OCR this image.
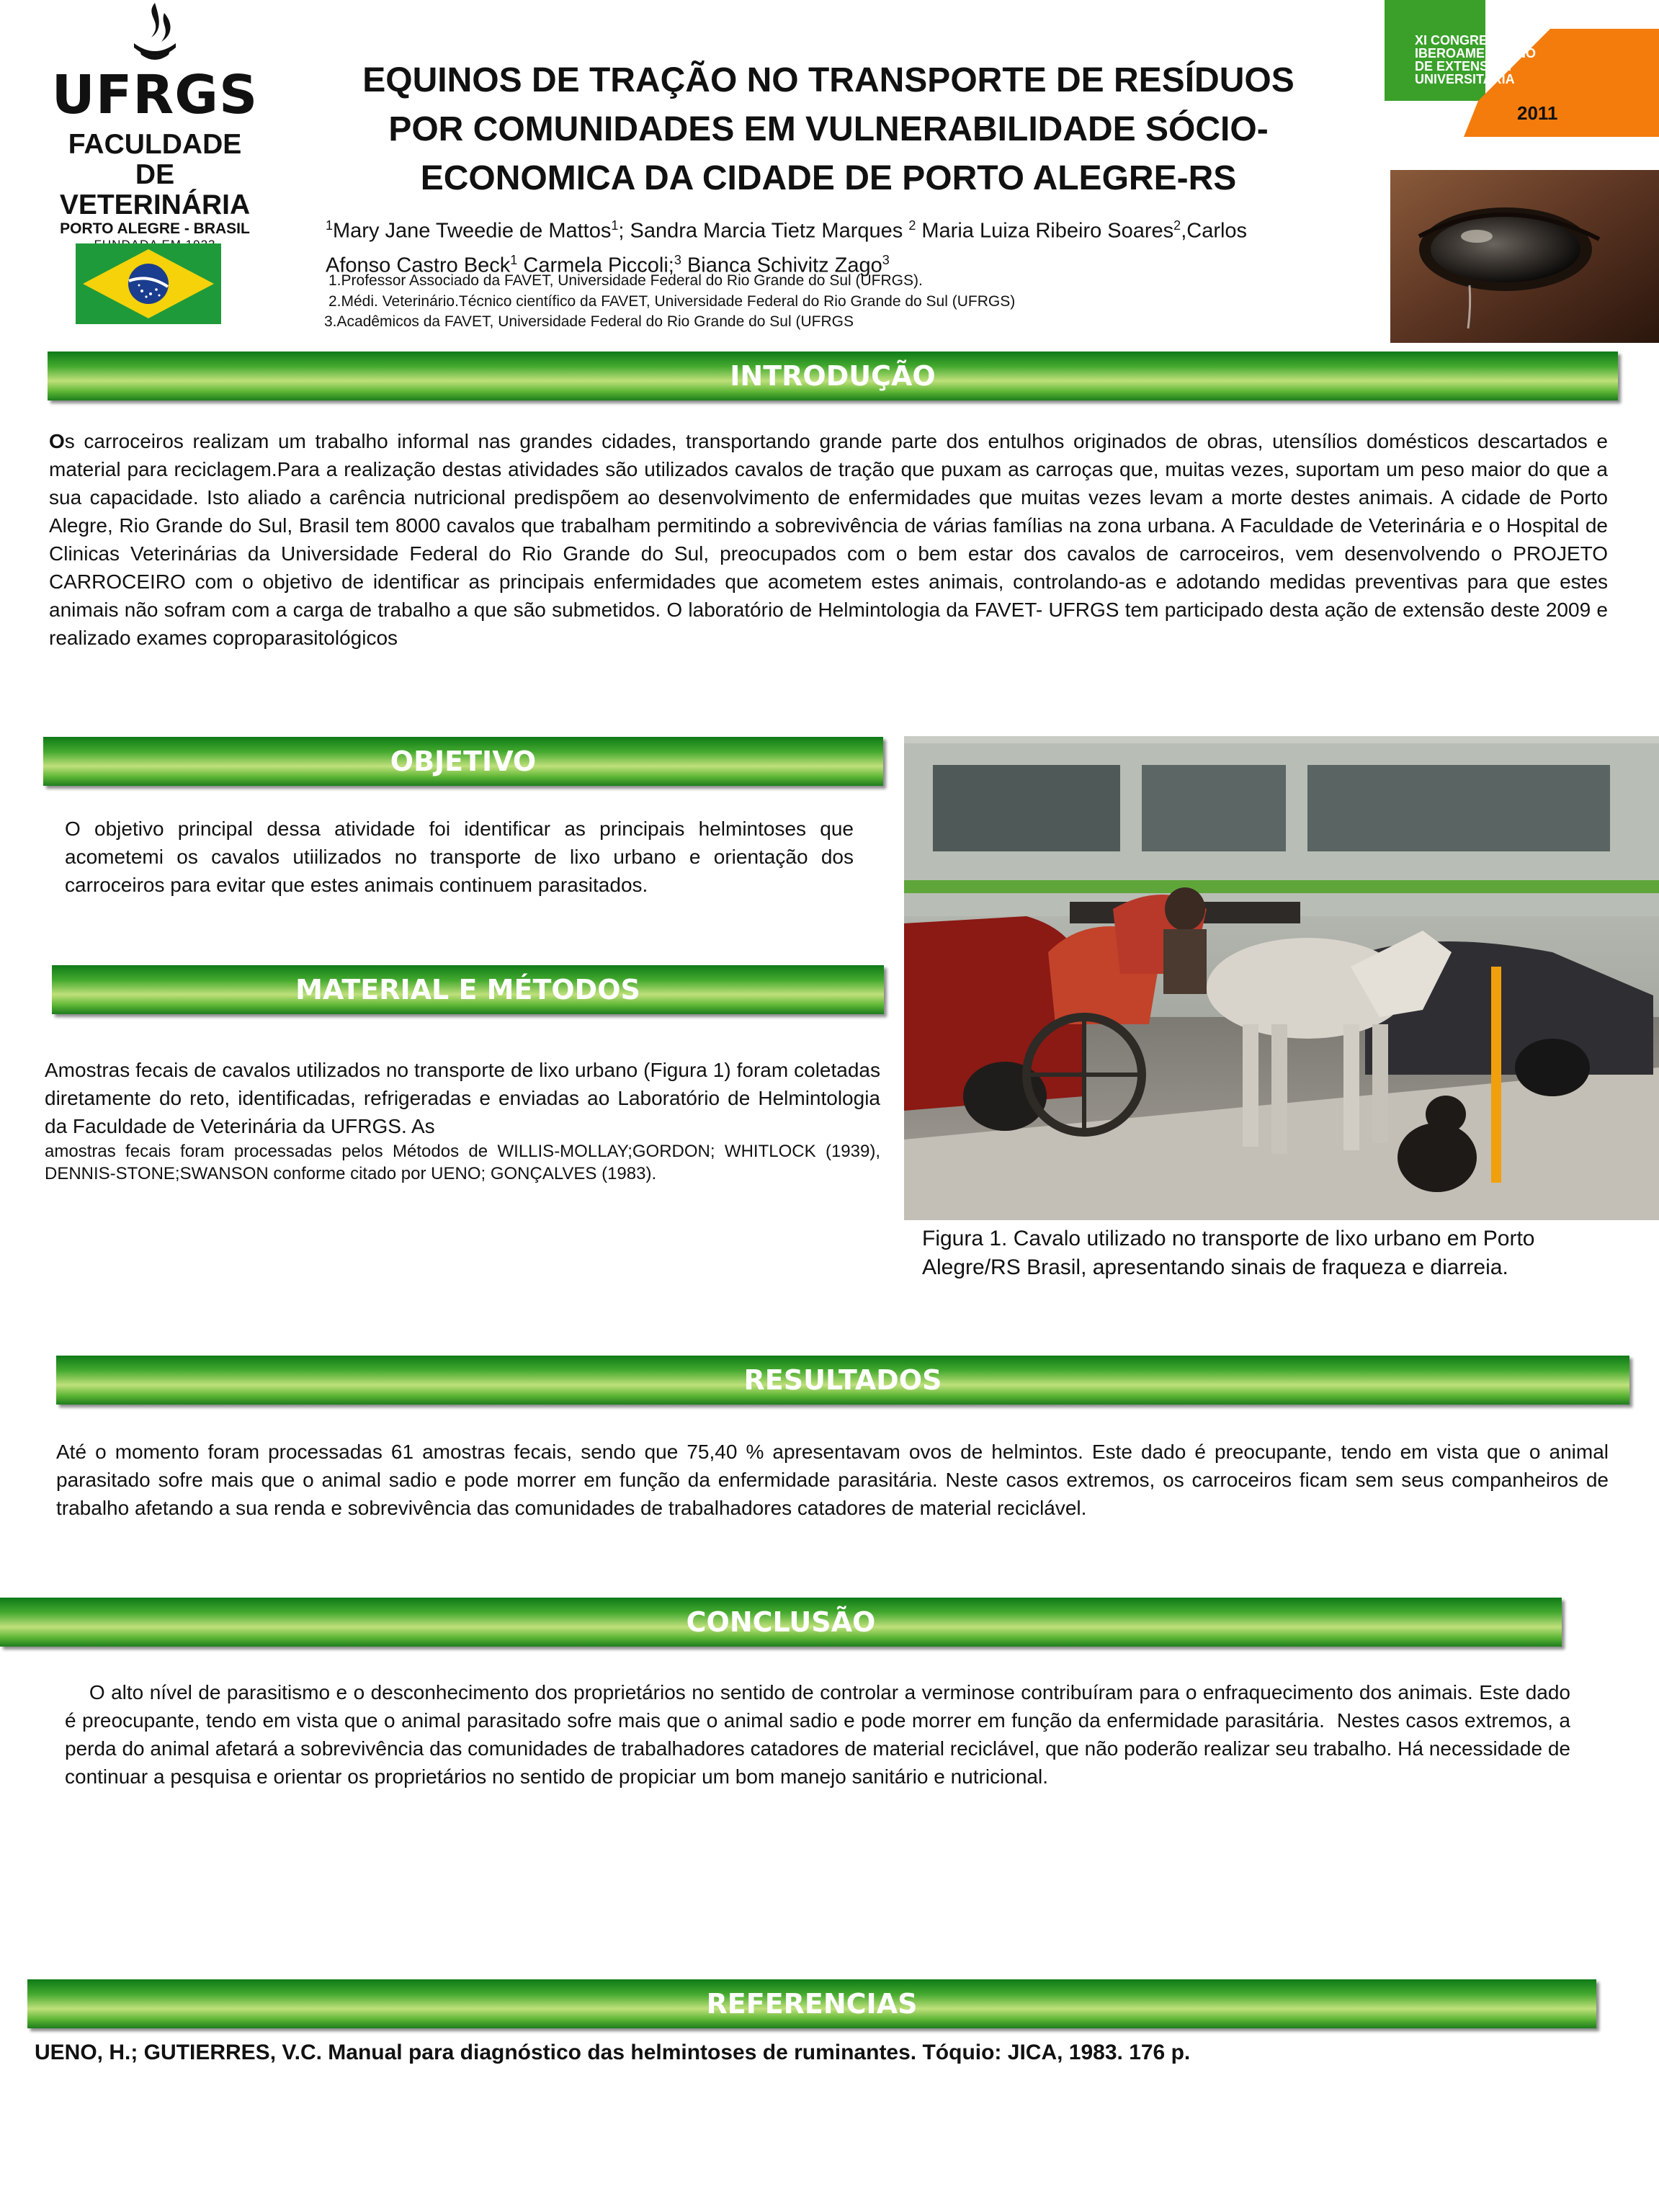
UFRGS
FACULDADE DE
VETERINÁRIA
PORTO ALEGRE - BRASIL
EQUINOS DE TRAÇÃO NO TRANSPORTE DE RESÍDUOS
POR COMUNIDADES EM VULNERABILIDADE SÓCIO-
ECONOMICA DA CIDADE DE PORTO ALEGRE-RS
$^1$Mary Jane Tweedie de Mattos$^1$; Sandra Marcia Tietz Marques $^2$ Maria Luiza Ribeiro Soares$^2$,Carlos
Afonso Castro Beck$^1$ Carmela Piccoli;$^3$ Bianca Schivitz Zago$^3$
1.Professor Associado da FAVET, Universidade Federal do Rio Grande do Sul (UFRGS).
2.Médi. Veterinário.Técnico científico da FAVET, Universidade Federal do Rio Grande do Sul (UFRGS)
3.Acadêmicos da FAVET, Universidade Federal do Rio Grande do Sul (UFRGS
XI CONGRESO
IBEROAMERICANO
DE EXTENSION
UNIVERSITARIA
2011
INTRODUÇÃO
Os carroceiros realizam um trabalho informal nas grandes cidades, transportando grande parte dos entulhos originados de obras, utensílios domésticos descartados e material para reciclagem.Para a realização destas atividades são utilizados cavalos de tração que puxam as carroças que, muitas vezes, suportam um peso maior do que a sua capacidade. Isto aliado a carência nutricional predispõem ao desenvolvimento de enfermidades que muitas vezes levam a morte destes animais. A cidade de Porto Alegre, Rio Grande do Sul, Brasil tem 8000 cavalos que trabalham permitindo a sobrevivência de várias famílias na zona urbana. A Faculdade de Veterinária e o Hospital de Clinicas Veterinárias da Universidade Federal do Rio Grande do Sul, preocupados com o bem estar dos cavalos de carroceiros, vem desenvolvendo o PROJETO CARROCEIRO com o objetivo de identificar as principais enfermidades que acometem estes animais, controlando-as e adotando medidas preventivas para que estes animais não sofram com a carga de trabalho a que são submetidos. O laboratório de Helmintologia da FAVET- UFRGS tem participado desta ação de extensão deste 2009 e realizado exames coproparasitológicos
OBJETIVO
O objetivo principal dessa atividade foi identificar as principais helmintoses que acometemi os cavalos utiilizados no transporte de lixo urbano e orientação dos carroceiros para evitar que estes animais continuem parasitados.
MATERIAL E MÉTODOS
Amostras fecais de cavalos utilizados no transporte de lixo urbano (Figura 1) foram coletadas diretamente do reto, identificadas, refrigeradas e enviadas ao Laboratório de Helmintologia da Faculdade de Veterinária da UFRGS. As
amostras fecais foram processadas pelos Métodos de WILLIS-MOLLAY;GORDON; WHITLOCK (1939), DENNIS-STONE;SWANSON conforme citado por UENO; GONÇALVES (1983).
Figura 1. Cavalo utilizado no transporte de lixo urbano em Porto Alegre/RS Brasil, apresentando sinais de fraqueza e diarreia.
RESULTADOS
Até o momento foram processadas 61 amostras fecais, sendo que 75,40 % apresentavam ovos de helmintos. Este dado é preocupante, tendo em vista que o animal parasitado sofre mais que o animal sadio e pode morrer em função da enfermidade parasitária. Neste casos extremos, os carroceiros ficam sem seus companheiros de trabalho afetando a sua renda e sobrevivência das comunidades de trabalhadores catadores de material reciclável.
CONCLUSÃO
O alto nível de parasitismo e o desconhecimento dos proprietários no sentido de controlar a verminose contribuíram para o enfraquecimento dos animais. Este dado é preocupante, tendo em vista que o animal parasitado sofre mais que o animal sadio e pode morrer em função da enfermidade parasitária.  Nestes casos extremos, a perda do animal afetará a sobrevivência das comunidades de trabalhadores catadores de material reciclável, que não poderão realizar seu trabalho. Há necessidade de continuar a pesquisa e orientar os proprietários no sentido de propiciar um bom manejo sanitário e nutricional.
REFERENCIAS
UENO, H.; GUTIERRES, V.C. Manual para diagnóstico das helmintoses de ruminantes. Tóquio: JICA, 1983. 176 p.
